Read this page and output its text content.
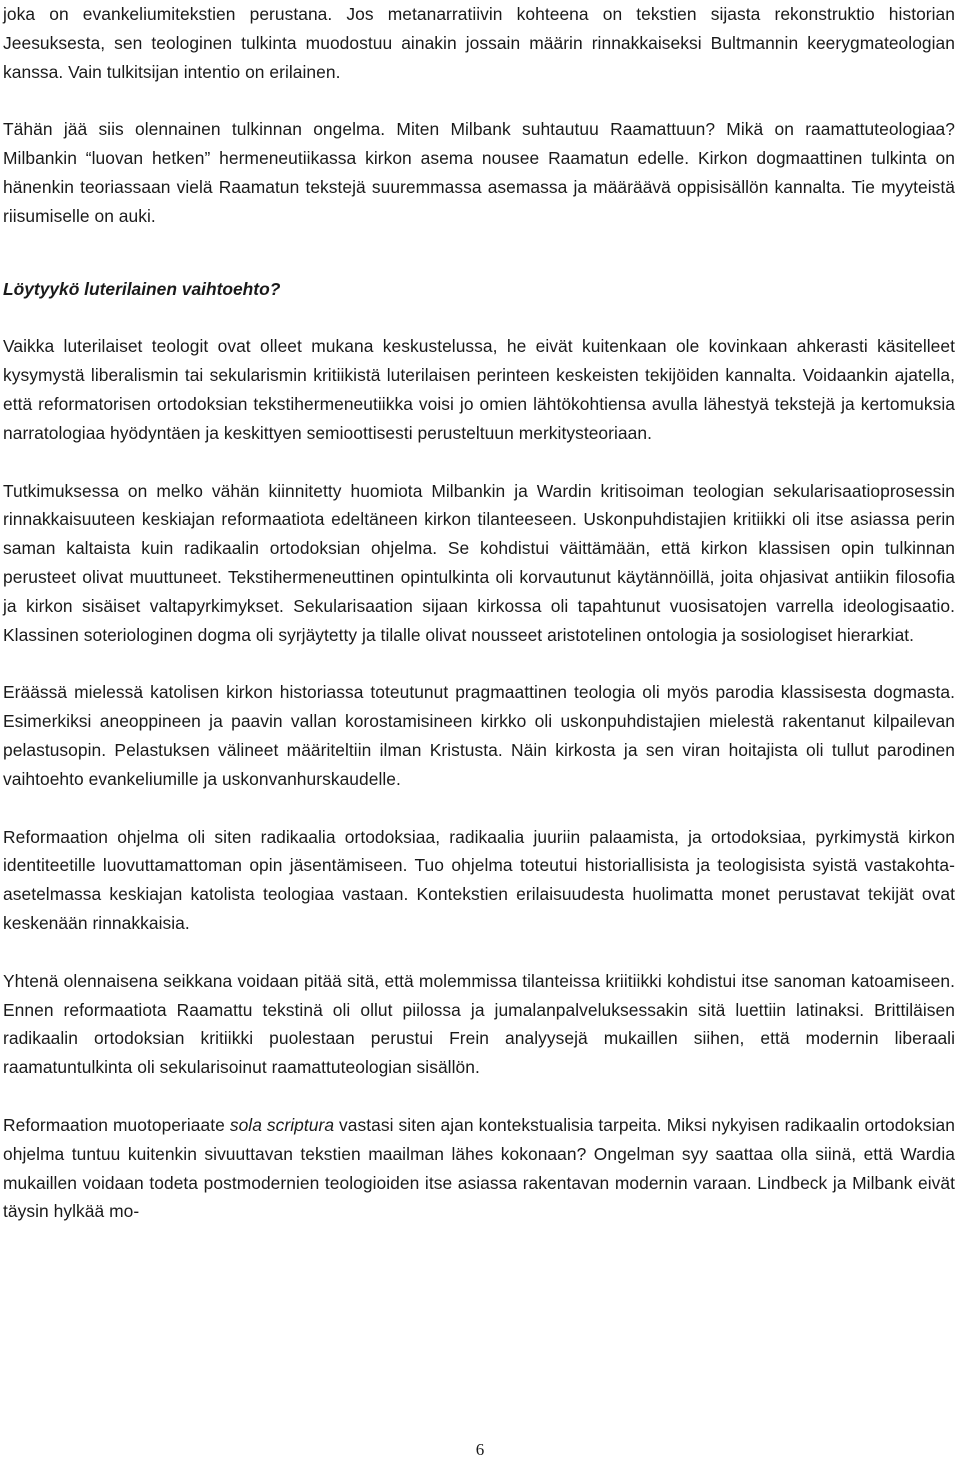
joka on evankeliumitekstien perustana. Jos metanarratiivin kohteena on tekstien sijasta rekonstruktio historian Jeesuksesta, sen teologinen tulkinta muodostuu ainakin jossain määrin rinnakkaiseksi Bultmannin keerygmateologian kanssa. Vain tulkitsijan intentio on erilainen.

Tähän jää siis olennainen tulkinnan ongelma. Miten Milbank suhtautuu Raamattuun? Mikä on raamattuteologiaa? Milbankin “luovan hetken” hermeneutiikassa kirkon asema nousee Raamatun edelle. Kirkon dogmaattinen tulkinta on hänenkin teoriassaan vielä Raamatun tekstejä suuremmassa asemassa ja määräävä oppisisällön kannalta. Tie myyteistä riisumiselle on auki.

Löytyykö luterilainen vaihtoehto?

Vaikka luterilaiset teologit ovat olleet mukana keskustelussa, he eivät kuitenkaan ole kovinkaan ahkerasti käsitelleet kysymystä liberalismin tai sekularismin kritiikistä luterilaisen perinteen keskeisten tekijöiden kannalta. Voidaankin ajatella, että reformatorisen ortodoksian tekstihermeneutiikka voisi jo omien lähtökohtiensa avulla lähestyä tekstejä ja kertomuksia narratologiaa hyödyntäen ja keskittyen semioottisesti perusteltuun merkitysteoriaan.

Tutkimuksessa on melko vähän kiinnitetty huomiota Milbankin ja Wardin kritisoiman teologian sekularisaatioprosessin rinnakkaisuuteen keskiajan reformaatiota edeltäneen kirkon tilanteeseen. Uskonpuhdistajien kritiikki oli itse asiassa perin saman kaltaista kuin radikaalin ortodoksian ohjelma. Se kohdistui väittämään, että kirkon klassisen opin tulkinnan perusteet olivat muuttuneet. Tekstihermeneuttinen opintulkinta oli korvautunut käytännöillä, joita ohjasivat antiikin filosofia ja kirkon sisäiset valtapyrkimykset. Sekularisaation sijaan kirkossa oli tapahtunut vuosisatojen varrella ideologisaatio. Klassinen soteriologinen dogma oli syrjäytetty ja tilalle olivat nousseet aristotelinen ontologia ja sosiologiset hierarkiat.

Eräässä mielessä katolisen kirkon historiassa toteutunut pragmaattinen teologia oli myös parodia klassisesta dogmasta. Esimerkiksi aneoppineen ja paavin vallan korostamisineen kirkko oli uskonpuhdistajien mielestä rakentanut kilpailevan pelastusopin. Pelastuksen välineet määriteltiin ilman Kristusta. Näin kirkosta ja sen viran hoitajista oli tullut parodinen vaihtoehto evankeliumille ja uskonvanhurskaudelle.

Reformaation ohjelma oli siten radikaalia ortodoksiaa, radikaalia juuriin palaamista, ja ortodoksiaa, pyrkimystä kirkon identiteetille luovuttamattoman opin jäsentämiseen. Tuo ohjelma toteutui historiallisista ja teologisista syistä vastakohta-asetelmassa keskiajan katolista teologiaa vastaan. Kontekstien erilaisuudesta huolimatta monet perustavat tekijät ovat keskenään rinnakkaisia.

Yhtenä olennaisena seikkana voidaan pitää sitä, että molemmissa tilanteissa kriitiikki kohdistui itse sanoman katoamiseen. Ennen reformaatiota Raamattu tekstinä oli ollut piilossa ja jumalanpalveluksessakin sitä luettiin latinaksi. Brittiläisen radikaalin ortodoksian kritiikki puolestaan perustui Frein analyysejä mukaillen siihen, että modernin liberaali raamatuntulkinta oli sekularisoinut raamattuteologian sisällön.

Reformaation muotoperiaate sola scriptura vastasi siten ajan kontekstualisia tarpeita. Miksi nykyisen radikaalin ortodoksian ohjelma tuntuu kuitenkin sivuuttavan tekstien maailman lähes kokonaan? Ongelman syy saattaa olla siinä, että Wardia mukaillen voidaan todeta postmodernien teologioiden itse asiassa rakentavan modernin varaan. Lindbeck ja Milbank eivät täysin hylkää mo-

6
